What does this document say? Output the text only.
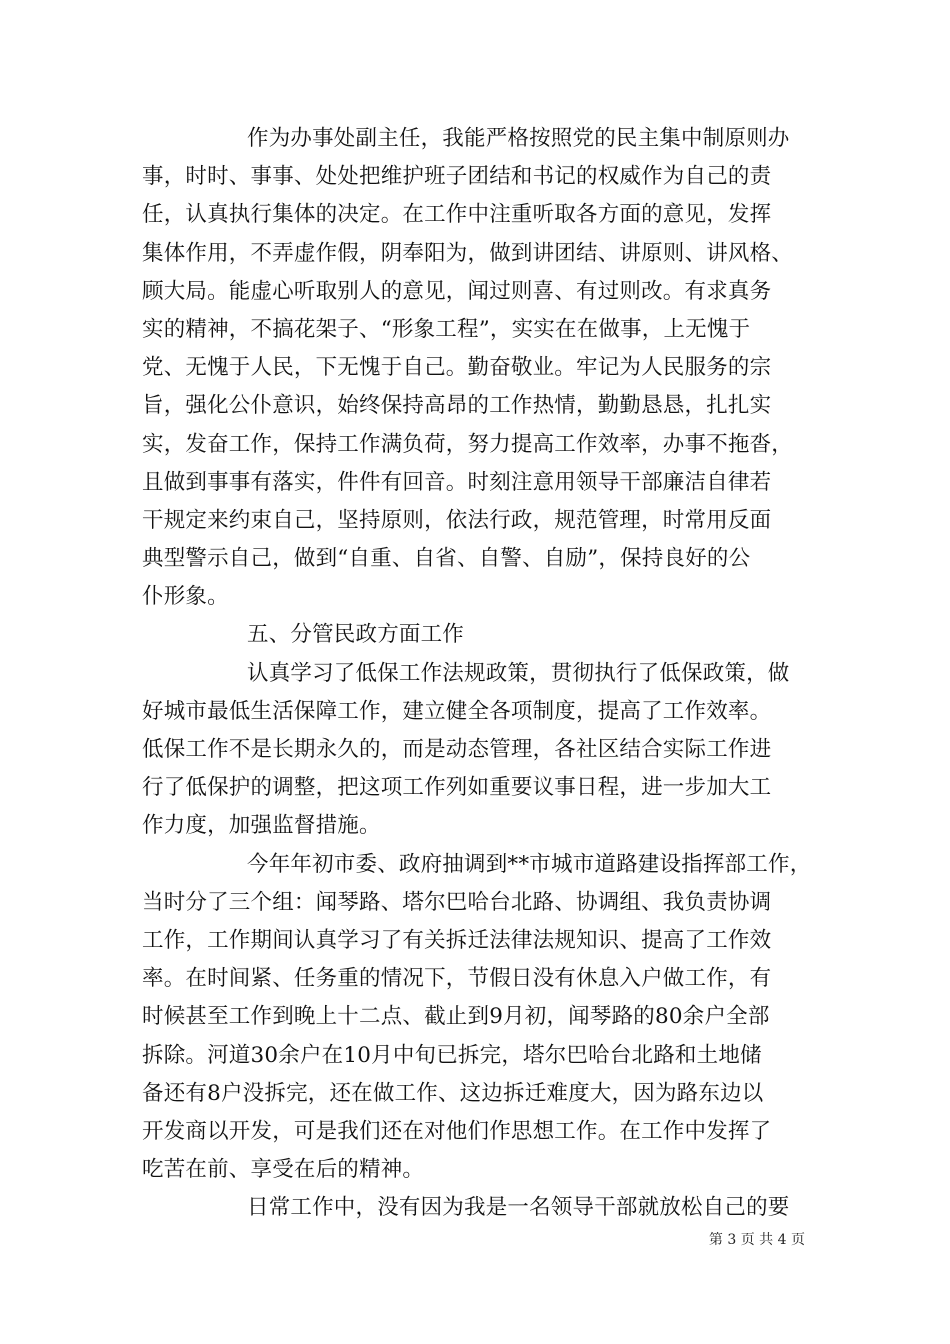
作为办事处副主任，我能严格按照党的民主集中制原则办
事，时时、事事、处处把维护班子团结和书记的权威作为自己的责
任，认真执行集体的决定。在工作中注重听取各方面的意见，发挥
集体作用，不弄虚作假，阴奉阳为，做到讲团结、讲原则、讲风格、
顾大局。能虚心听取别人的意见，闻过则喜、有过则改。有求真务
实的精神，不搞花架子、“形象工程”，实实在在做事，上无愧于
党、无愧于人民，下无愧于自己。勤奋敬业。牢记为人民服务的宗
旨，强化公仆意识，始终保持高昂的工作热情，勤勤恳恳，扎扎实
实，发奋工作，保持工作满负荷，努力提高工作效率，办事不拖沓，
且做到事事有落实，件件有回音。时刻注意用领导干部廉洁自律若
干规定来约束自己，坚持原则，依法行政，规范管理，时常用反面
典型警示自己，做到“自重、自省、自警、自励”，保持良好的公
仆形象。
五、分管民政方面工作
认真学习了低保工作法规政策，贯彻执行了低保政策，做
好城市最低生活保障工作，建立健全各项制度，提高了工作效率。
低保工作不是长期永久的，而是动态管理，各社区结合实际工作进
行了低保护的调整，把这项工作列如重要议事日程，进一步加大工
作力度，加强监督措施。
今年年初市委、政府抽调到**市城市道路建设指挥部工作，
当时分了三个组：闻琴路、塔尔巴哈台北路、协调组、我负责协调
工作，工作期间认真学习了有关拆迁法律法规知识、提高了工作效
率。在时间紧、任务重的情况下，节假日没有休息入户做工作，有
时候甚至工作到晚上十二点、截止到9月初，闻琴路的80余户全部
拆除。河道30余户在10月中旬已拆完，塔尔巴哈台北路和土地储
备还有8户没拆完，还在做工作、这边拆迁难度大，因为路东边以
开发商以开发，可是我们还在对他们作思想工作。在工作中发挥了
吃苦在前、享受在后的精神。
日常工作中，没有因为我是一名领导干部就放松自己的要
第 3 页 共 4 页
